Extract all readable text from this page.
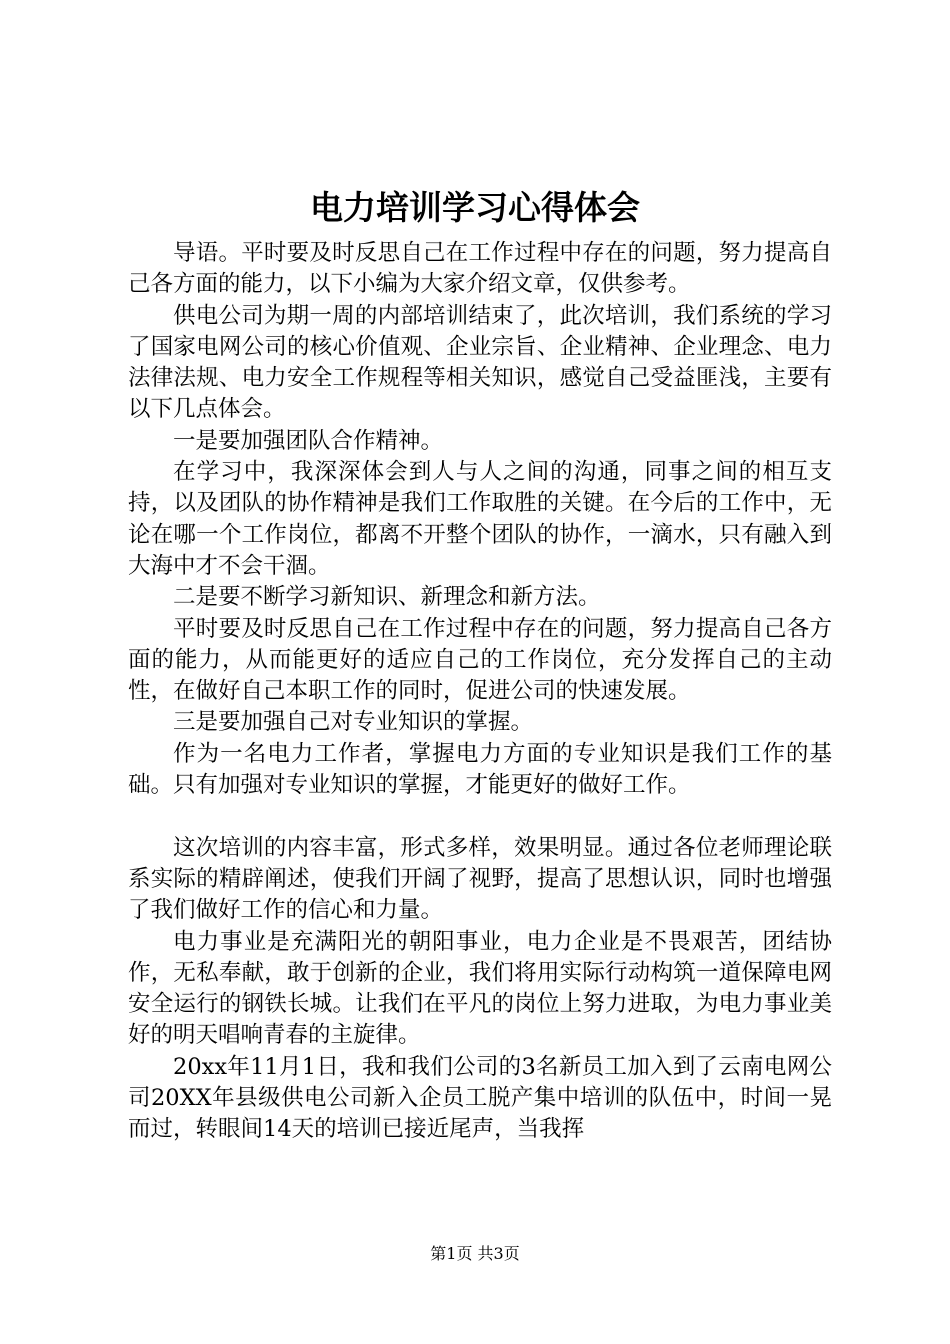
电力培训学习心得体会

导语。平时要及时反思自己在工作过程中存在的问题，努力提高自己各方面的能力，以下小编为大家介绍文章，仅供参考。

供电公司为期一周的内部培训结束了，此次培训，我们系统的学习了国家电网公司的核心价值观、企业宗旨、企业精神、企业理念、电力法律法规、电力安全工作规程等相关知识，感觉自己受益匪浅，主要有以下几点体会。

一是要加强团队合作精神。

在学习中，我深深体会到人与人之间的沟通，同事之间的相互支持，以及团队的协作精神是我们工作取胜的关键。在今后的工作中，无论在哪一个工作岗位，都离不开整个团队的协作，一滴水，只有融入到大海中才不会干涸。

二是要不断学习新知识、新理念和新方法。

平时要及时反思自己在工作过程中存在的问题，努力提高自己各方面的能力，从而能更好的适应自己的工作岗位，充分发挥自己的主动性，在做好自己本职工作的同时，促进公司的快速发展。

三是要加强自己对专业知识的掌握。

作为一名电力工作者，掌握电力方面的专业知识是我们工作的基础。只有加强对专业知识的掌握，才能更好的做好工作。

这次培训的内容丰富，形式多样，效果明显。通过各位老师理论联系实际的精辟阐述，使我们开阔了视野，提高了思想认识，同时也增强了我们做好工作的信心和力量。

电力事业是充满阳光的朝阳事业，电力企业是不畏艰苦，团结协作，无私奉献，敢于创新的企业，我们将用实际行动构筑一道保障电网安全运行的钢铁长城。让我们在平凡的岗位上努力进取，为电力事业美好的明天唱响青春的主旋律。

20xx年11月1日，我和我们公司的3名新员工加入到了云南电网公司20XX年县级供电公司新入企员工脱产集中培训的队伍中，时间一晃而过，转眼间14天的培训已接近尾声，当我挥

第1页 共3页
